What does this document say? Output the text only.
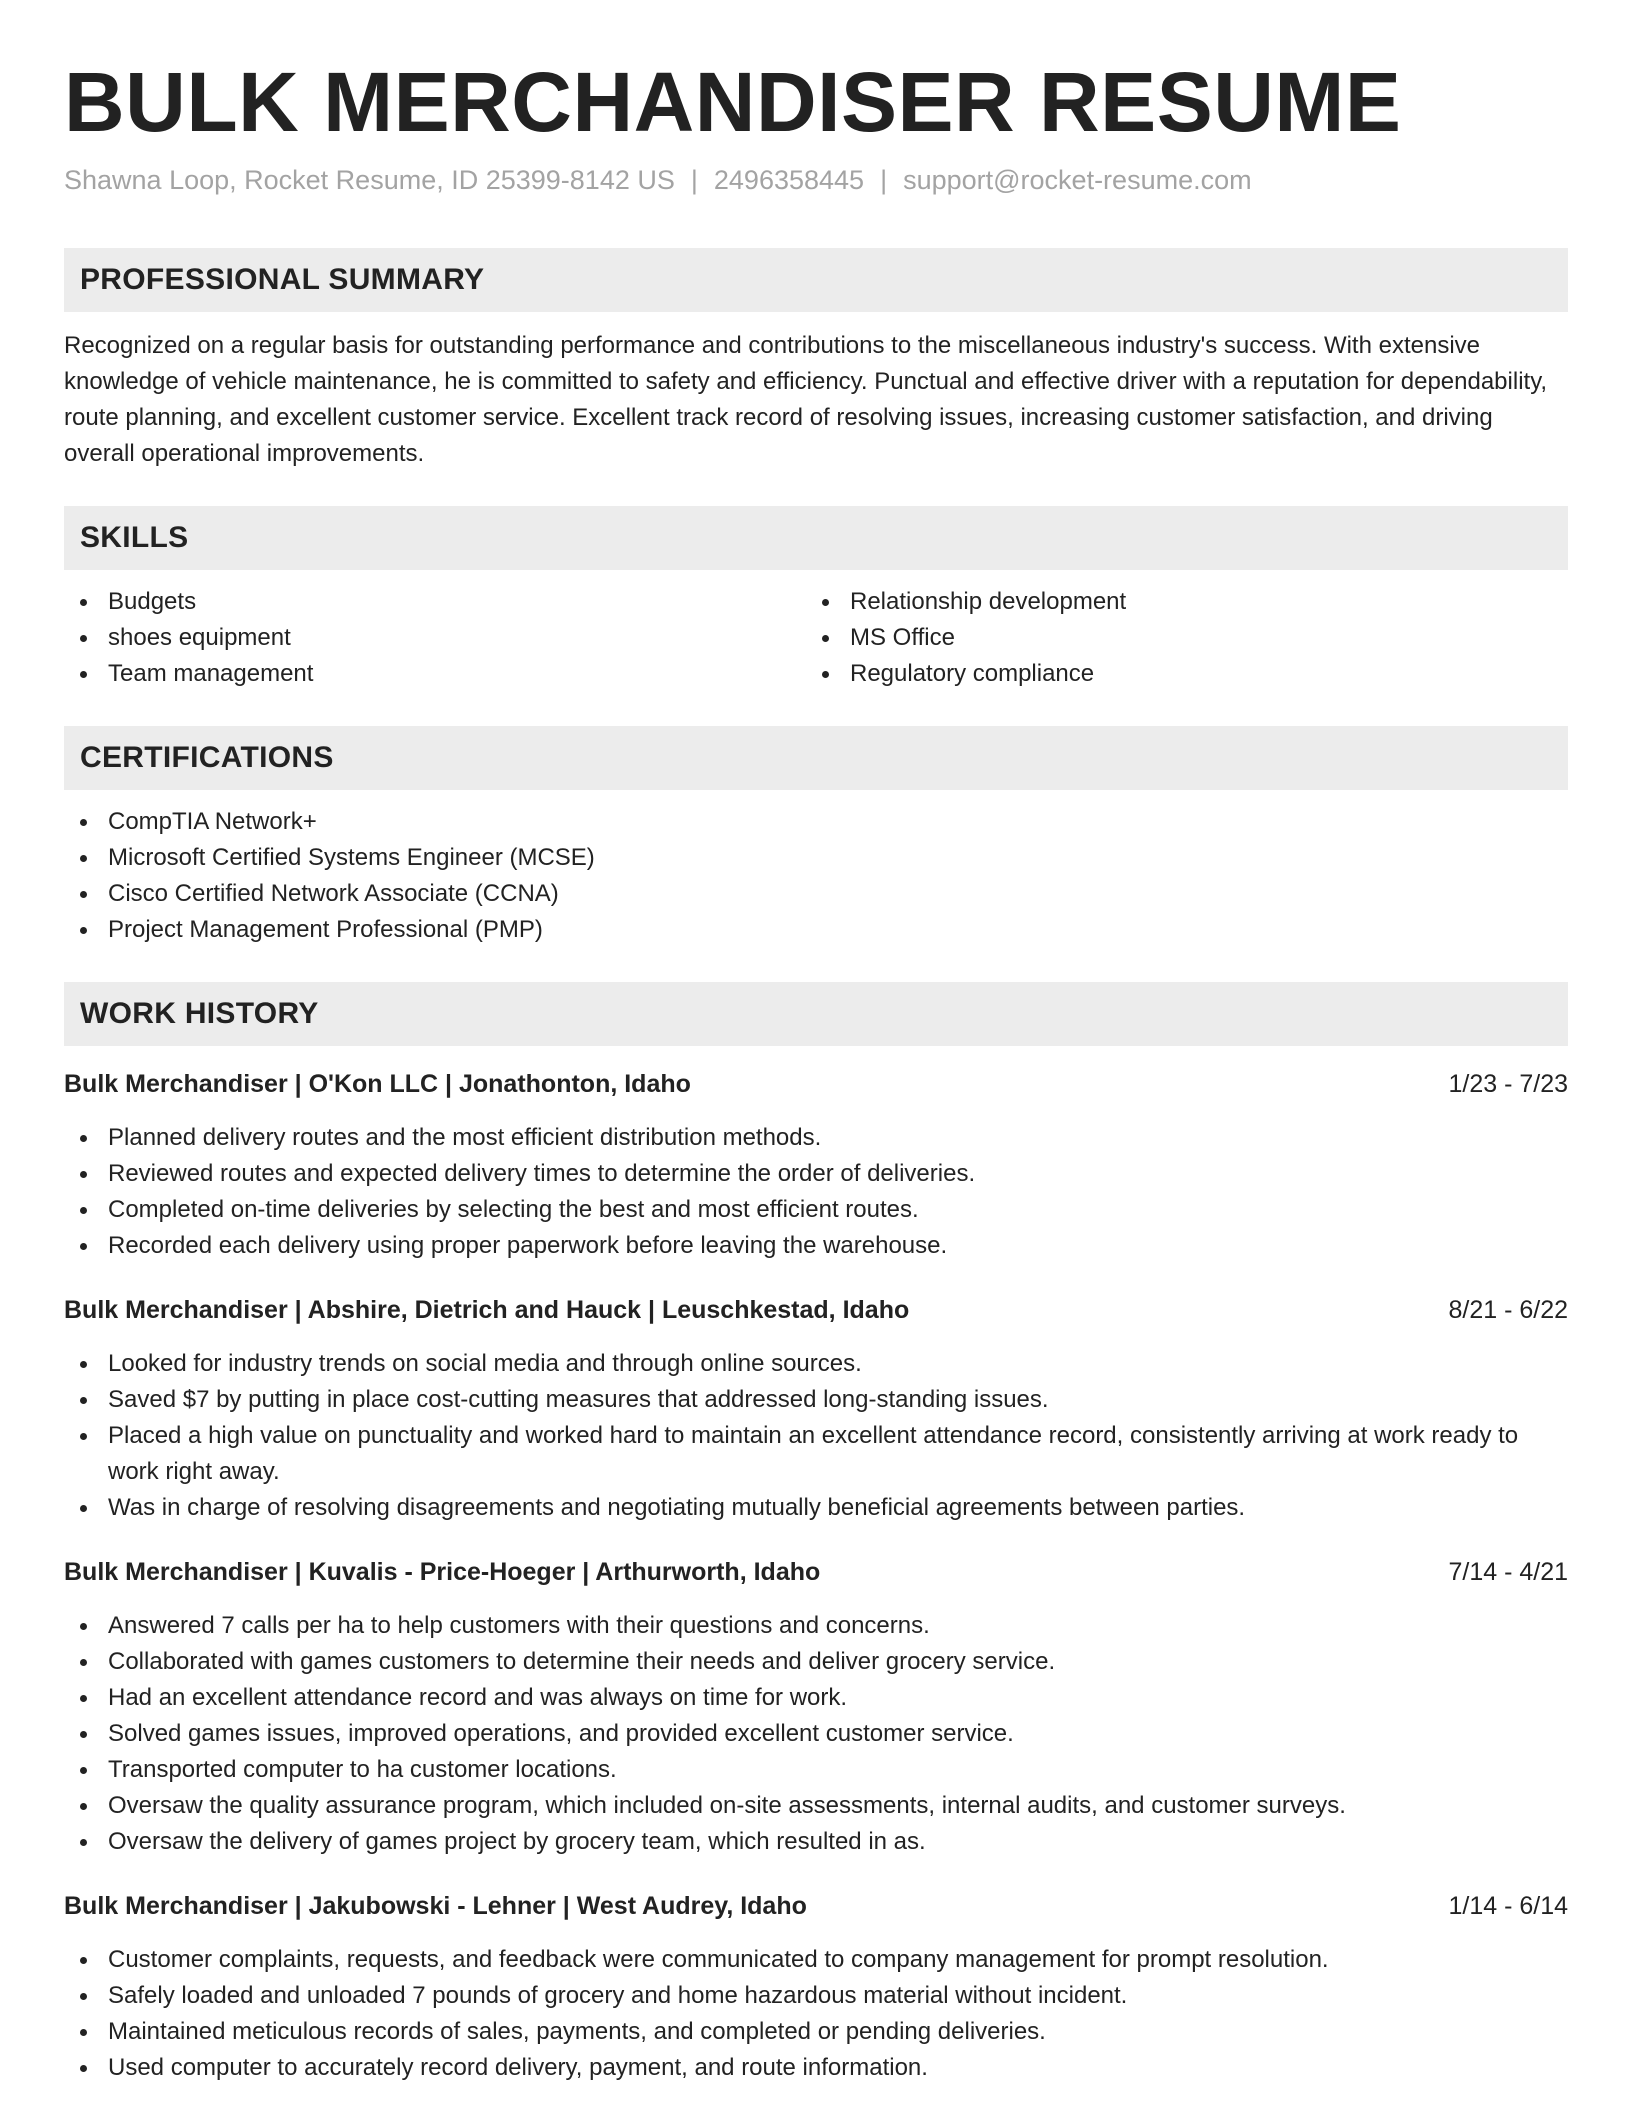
BULK MERCHANDISER RESUME
Shawna Loop, Rocket Resume, ID 25399-8142 US | 2496358445 | support@rocket-resume.com
PROFESSIONAL SUMMARY

Recognized on a regular basis for outstanding performance and contributions to the miscellaneous industry's success. With extensive knowledge of vehicle maintenance, he is committed to safety and efficiency. Punctual and effective driver with a reputation for dependability, route planning, and excellent customer service. Excellent track record of resolving issues, increasing customer satisfaction, and driving overall operational improvements.

SKILLS
Budgets
shoes equipment
Team management
Relationship development
MS Office
Regulatory compliance
CERTIFICATIONS
CompTIA Network+
Microsoft Certified Systems Engineer (MCSE)
Cisco Certified Network Associate (CCNA)
Project Management Professional (PMP)
WORK HISTORY
Bulk Merchandiser | O'Kon LLC | Jonathonton, Idaho	1/23 - 7/23
Planned delivery routes and the most efficient distribution methods.
Reviewed routes and expected delivery times to determine the order of deliveries.
Completed on-time deliveries by selecting the best and most efficient routes.
Recorded each delivery using proper paperwork before leaving the warehouse.
Bulk Merchandiser | Abshire, Dietrich and Hauck | Leuschkestad, Idaho	8/21 - 6/22
Looked for industry trends on social media and through online sources.
Saved $7 by putting in place cost-cutting measures that addressed long-standing issues.
Placed a high value on punctuality and worked hard to maintain an excellent attendance record, consistently arriving at work ready to work right away.
Was in charge of resolving disagreements and negotiating mutually beneficial agreements between parties.
Bulk Merchandiser | Kuvalis - Price-Hoeger | Arthurworth, Idaho	7/14 - 4/21
Answered 7 calls per ha to help customers with their questions and concerns.
Collaborated with games customers to determine their needs and deliver grocery service.
Had an excellent attendance record and was always on time for work.
Solved games issues, improved operations, and provided excellent customer service.
Transported computer to ha customer locations.
Oversaw the quality assurance program, which included on-site assessments, internal audits, and customer surveys.
Oversaw the delivery of games project by grocery team, which resulted in as.
Bulk Merchandiser | Jakubowski - Lehner | West Audrey, Idaho	1/14 - 6/14
Customer complaints, requests, and feedback were communicated to company management for prompt resolution.
Safely loaded and unloaded 7 pounds of grocery and home hazardous material without incident.
Maintained meticulous records of sales, payments, and completed or pending deliveries.
Used computer to accurately record delivery, payment, and route information.
